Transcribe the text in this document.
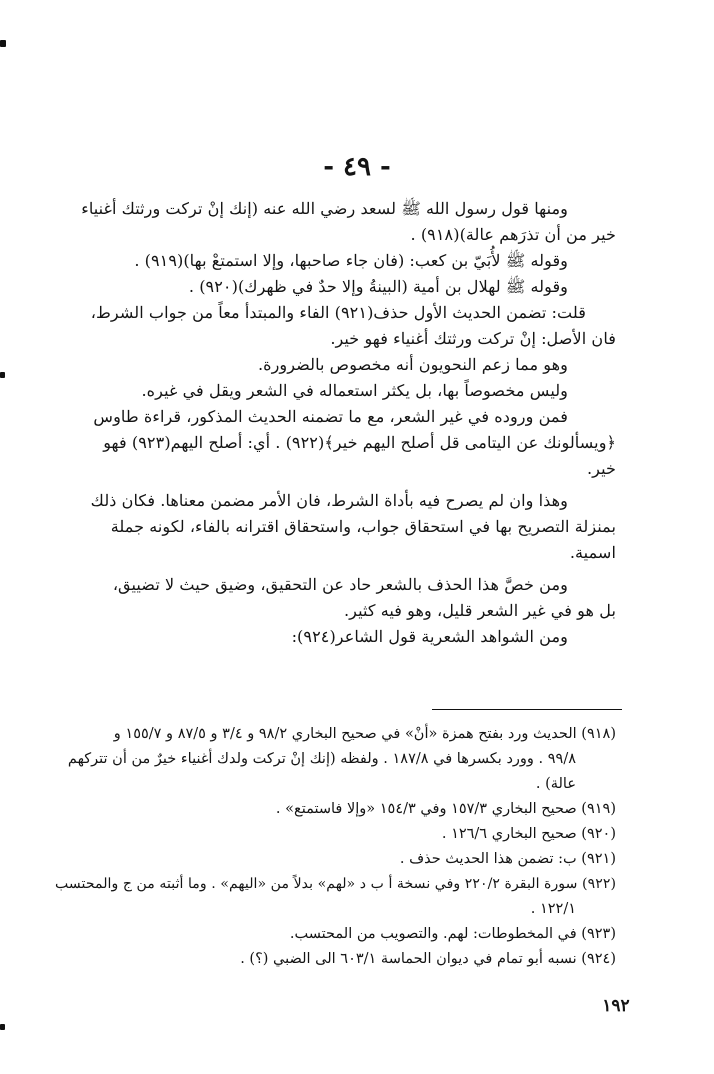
- ٤٩ -
ومنها قول رسول الله ﷺ لسعد رضي الله عنه (إنك إنْ تركت ورثتك أغنياء
خير من أن تذرَهم عالة)(٩١٨) .
وقوله ﷺ لأُبَيّ بن كعب: (فان جاء صاحبها، وإلا استمتعْ بها)(٩١٩) .
وقوله ﷺ لهلال بن أمية (البينةُ وإلا حدٌ في ظهرك)(٩٢٠) .
قلت: تضمن الحديث الأول حذف(٩٢١) الفاء والمبتدأ معاً من جواب الشرط،
فان الأصل: إنْ تركت ورثتك أغنياء فهو خير.
وهو مما زعم النحويون أنه مخصوص بالضرورة.
وليس مخصوصاً بها، بل يكثر استعماله في الشعر ويقل في غيره.
فمن وروده في غير الشعر، مع ما تضمنه الحديث المذكور، قراءة طاوس
﴿ويسألونك عن اليتامى قل أصلح اليهم خير﴾(٩٢٢) . أي: أصلح اليهم(٩٢٣) فهو
خير.
وهذا وان لم يصرح فيه بأداة الشرط، فان الأمر مضمن معناها. فكان ذلك
بمنزلة التصريح بها في استحقاق جواب، واستحقاق اقترانه بالفاء، لكونه جملة
اسمية.
ومن خصَّ هذا الحذف بالشعر حاد عن التحقيق، وضيق حيث لا تضييق،
بل هو في غير الشعر قليل، وهو فيه كثير.
ومن الشواهد الشعرية قول الشاعر(٩٢٤):
(٩١٨) الحديث ورد بفتح همزة «أنْ» في صحيح البخاري ٩٨/٢ و ٣/٤ و ٨٧/٥ و ١٥٥/٧ و
٩٩/٨ . وورد بكسرها في ١٨٧/٨ . ولفظه (إنك إنْ تركت ولدك أغنياء خيرٌ من أن تتركهم
عالة) .
(٩١٩) صحيح البخاري ١٥٧/٣ وفي ١٥٤/٣ «وإلا فاستمتع» .
(٩٢٠) صحيح البخاري ١٢٦/٦ .
(٩٢١) ب: تضمن هذا الحديث حذف .
(٩٢٢) سورة البقرة ٢٢٠/٢ وفي نسخة أ ب د «لهم» بدلاً من «اليهم» . وما أثبته من ج والمحتسب
١٢٢/١ .
(٩٢٣) في المخطوطات: لهم. والتصويب من المحتسب.
(٩٢٤) نسبه أبو تمام في ديوان الحماسة ٦٠٣/١ الى الضبي (؟) .
١٩٢
